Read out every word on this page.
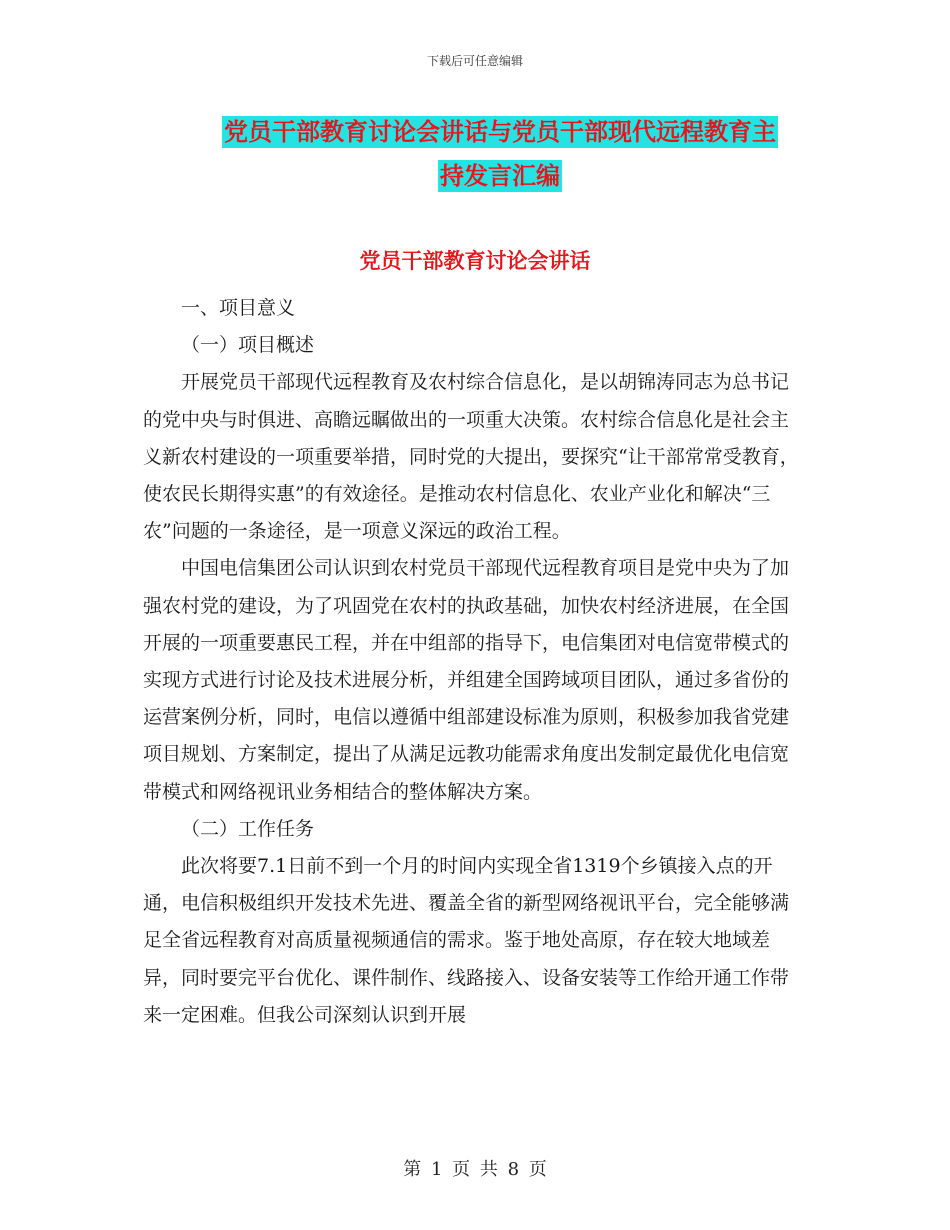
下载后可任意编辑
党员干部教育讨论会讲话与党员干部现代远程教育主
持发言汇编
党员干部教育讨论会讲话

一、项目意义

（一）项目概述

开展党员干部现代远程教育及农村综合信息化，是以胡锦涛同志为总书记的党中央与时俱进、高瞻远瞩做出的一项重大决策。农村综合信息化是社会主义新农村建设的一项重要举措，同时党的大提出，要探究“让干部常常受教育，使农民长期得实惠”的有效途径。是推动农村信息化、农业产业化和解决“三农”问题的一条途径，是一项意义深远的政治工程。

中国电信集团公司认识到农村党员干部现代远程教育项目是党中央为了加强农村党的建设，为了巩固党在农村的执政基础，加快农村经济进展，在全国开展的一项重要惠民工程，并在中组部的指导下，电信集团对电信宽带模式的实现方式进行讨论及技术进展分析，并组建全国跨域项目团队，通过多省份的运营案例分析，同时，电信以遵循中组部建设标准为原则，积极参加我省党建项目规划、方案制定，提出了从满足远教功能需求角度出发制定最优化电信宽带模式和网络视讯业务相结合的整体解决方案。

（二）工作任务

此次将要7.1日前不到一个月的时间内实现全省1319个乡镇接入点的开通，电信积极组织开发技术先进、覆盖全省的新型网络视讯平台，完全能够满足全省远程教育对高质量视频通信的需求。鉴于地处高原，存在较大地域差异，同时要完平台优化、课件制作、线路接入、设备安装等工作给开通工作带来一定困难。但我公司深刻认识到开展

第 1 页 共 8 页
